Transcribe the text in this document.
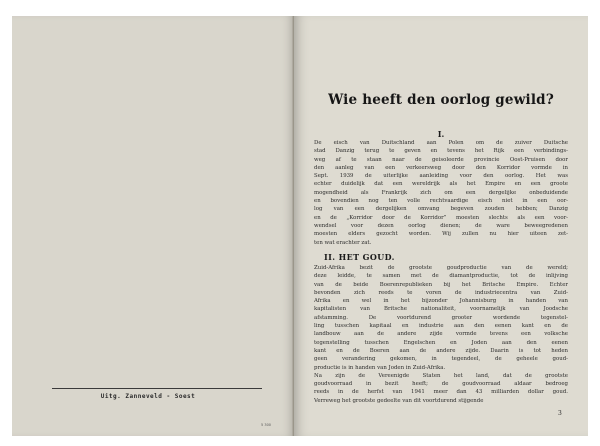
Uitg. Zanneveld - Soest
5 300
Wie heeft den oorlog gewild?
I.
De eisch van Duitschland aan Polen om de zuiver Duitsche
stad Danzig terug te geven en tevens het Rijk een verbindings-
weg af te staan naar de geisoleerde provincie Oost-Pruisen door
den aanleg van een verkeersweg door den Korridor vormde in
Sept. 1939 de uiterlijke aanleiding voor den oorlog. Het was
echter duidelijk dat een wereldrijk als het Empire en een groote
mogendheid als Frankrijk zich om een dergelijke onbeduidende
en bovendien nog ten volle rechtvaardige eisch niet in een oor-
log van een dergelijken omvang begeven zouden hebben; Danzig
en de „Korridor door de Korridor” moesten slechts als een voor-
wendsel voor dezen oorlog dienen; de ware beweegredenen
moesten elders gezocht worden. Wij zullen nu hier uiteen zet-
ten wat erachter zat.
II. HET GOUD.
Zuid-Afrika bezit de grootste goudproductie van de wereld;
deze leidde, te samen met de diamantproductie, tot de inlijving
van de beide Boerenrepublieken bij het Britsche Empire. Echter
bevonden zich reeds te voren de industriecentra van Zuid-
Afrika en wel in het bijzonder Johannisburg in handen van
kapitalisten van Britsche nationaliteit, voornamelijk van Joodsche
afstamming. De voortdurend grooter wordende tegenstel-
ling tusschen kapitaal en industrie aan den eenen kant en de
landbouw aan de andere zijde vormde tevens een volksche
tegenstelling tusschen Engelschen en Joden aan den eenen
kant en de Boeren aan de andere zijde. Daarin is tot heden
geen verandering gekomen, in tegendeel, de geheele goud-
productie is in handen van Joden in Zuid-Afrika.
Na zijn de Vereenigde Staten het land, dat de grootste
goudvoorraad in bezit heeft; de goudvoorraad aldaar bedroeg
reeds in de herfst van 1941 meer dan 43 milliarden dollar goud.
Verreweg het grootste gedeelte van dit voortdurend stijgende
3
